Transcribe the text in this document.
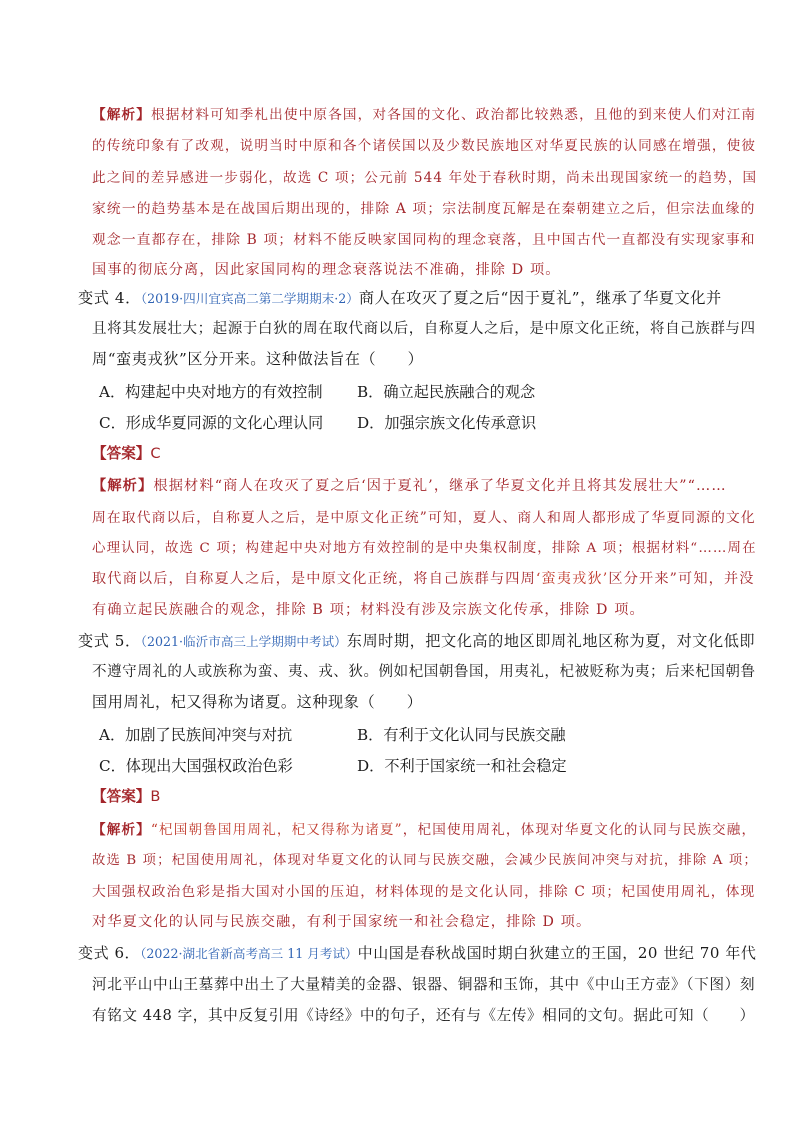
【解析】根据材料可知季札出使中原各国，对各国的文化、政治都比较熟悉，且他的到来使人们对江南
的传统印象有了改观，说明当时中原和各个诸侯国以及少数民族地区对华夏民族的认同感在增强，使彼
此之间的差异感进一步弱化，故选 C 项；公元前 544 年处于春秋时期，尚未出现国家统一的趋势，国
家统一的趋势基本是在战国后期出现的，排除 A 项；宗法制度瓦解是在秦朝建立之后，但宗法血缘的
观念一直都存在，排除 B 项；材料不能反映家国同构的理念衰落，且中国古代一直都没有实现家事和
国事的彻底分离，因此家国同构的理念衰落说法不准确，排除 D 项。
变式 4．（2019·四川宜宾高二第二学期期末·2）商人在攻灭了夏之后“因于夏礼”，继承了华夏文化并
且将其发展壮大；起源于白狄的周在取代商以后，自称夏人之后，是中原文化正统，将自己族群与四
周“蛮夷戎狄”区分开来。这种做法旨在（　　）
A．构建起中央对地方的有效控制 B．确立起民族融合的观念
C．形成华夏同源的文化心理认同 D．加强宗族文化传承意识
【答案】C
【解析】根据材料“商人在攻灭了夏之后‘因于夏礼’，继承了华夏文化并且将其发展壮大”“……
周在取代商以后，自称夏人之后，是中原文化正统”可知，夏人、商人和周人都形成了华夏同源的文化
心理认同，故选 C 项；构建起中央对地方有效控制的是中央集权制度，排除 A 项；根据材料“……周在
取代商以后，自称夏人之后，是中原文化正统，将自己族群与四周‘蛮夷戎狄’区分开来”可知，并没
有确立起民族融合的观念，排除 B 项；材料没有涉及宗族文化传承，排除 D 项。
变式 5．（2021·临沂市高三上学期期中考试）东周时期，把文化高的地区即周礼地区称为夏，对文化低即
不遵守周礼的人或族称为蛮、夷、戎、狄。例如杞国朝鲁国，用夷礼，杞被贬称为夷；后来杞国朝鲁
国用周礼，杞又得称为诸夏。这种现象（　　）
A．加剧了民族间冲突与对抗	B．有利于文化认同与民族交融
C．体现出大国强权政治色彩	D．不利于国家统一和社会稳定
【答案】B
【解析】“杞国朝鲁国用周礼，杞又得称为诸夏”，杞国使用周礼，体现对华夏文化的认同与民族交融，
故选 B 项；杞国使用周礼，体现对华夏文化的认同与民族交融，会减少民族间冲突与对抗，排除 A 项；
大国强权政治色彩是指大国对小国的压迫，材料体现的是文化认同，排除 C 项；杞国使用周礼，体现
对华夏文化的认同与民族交融，有利于国家统一和社会稳定，排除 D 项。
变式 6．（2022·湖北省新高考高三 11 月考试）中山国是春秋战国时期白狄建立的王国，20 世纪 70 年代
河北平山中山王墓葬中出土了大量精美的金器、银器、铜器和玉饰，其中《中山王方壶》（下图）刻
有铭文 448 字，其中反复引用《诗经》中的句子，还有与《左传》相同的文句。据此可知（　　）
